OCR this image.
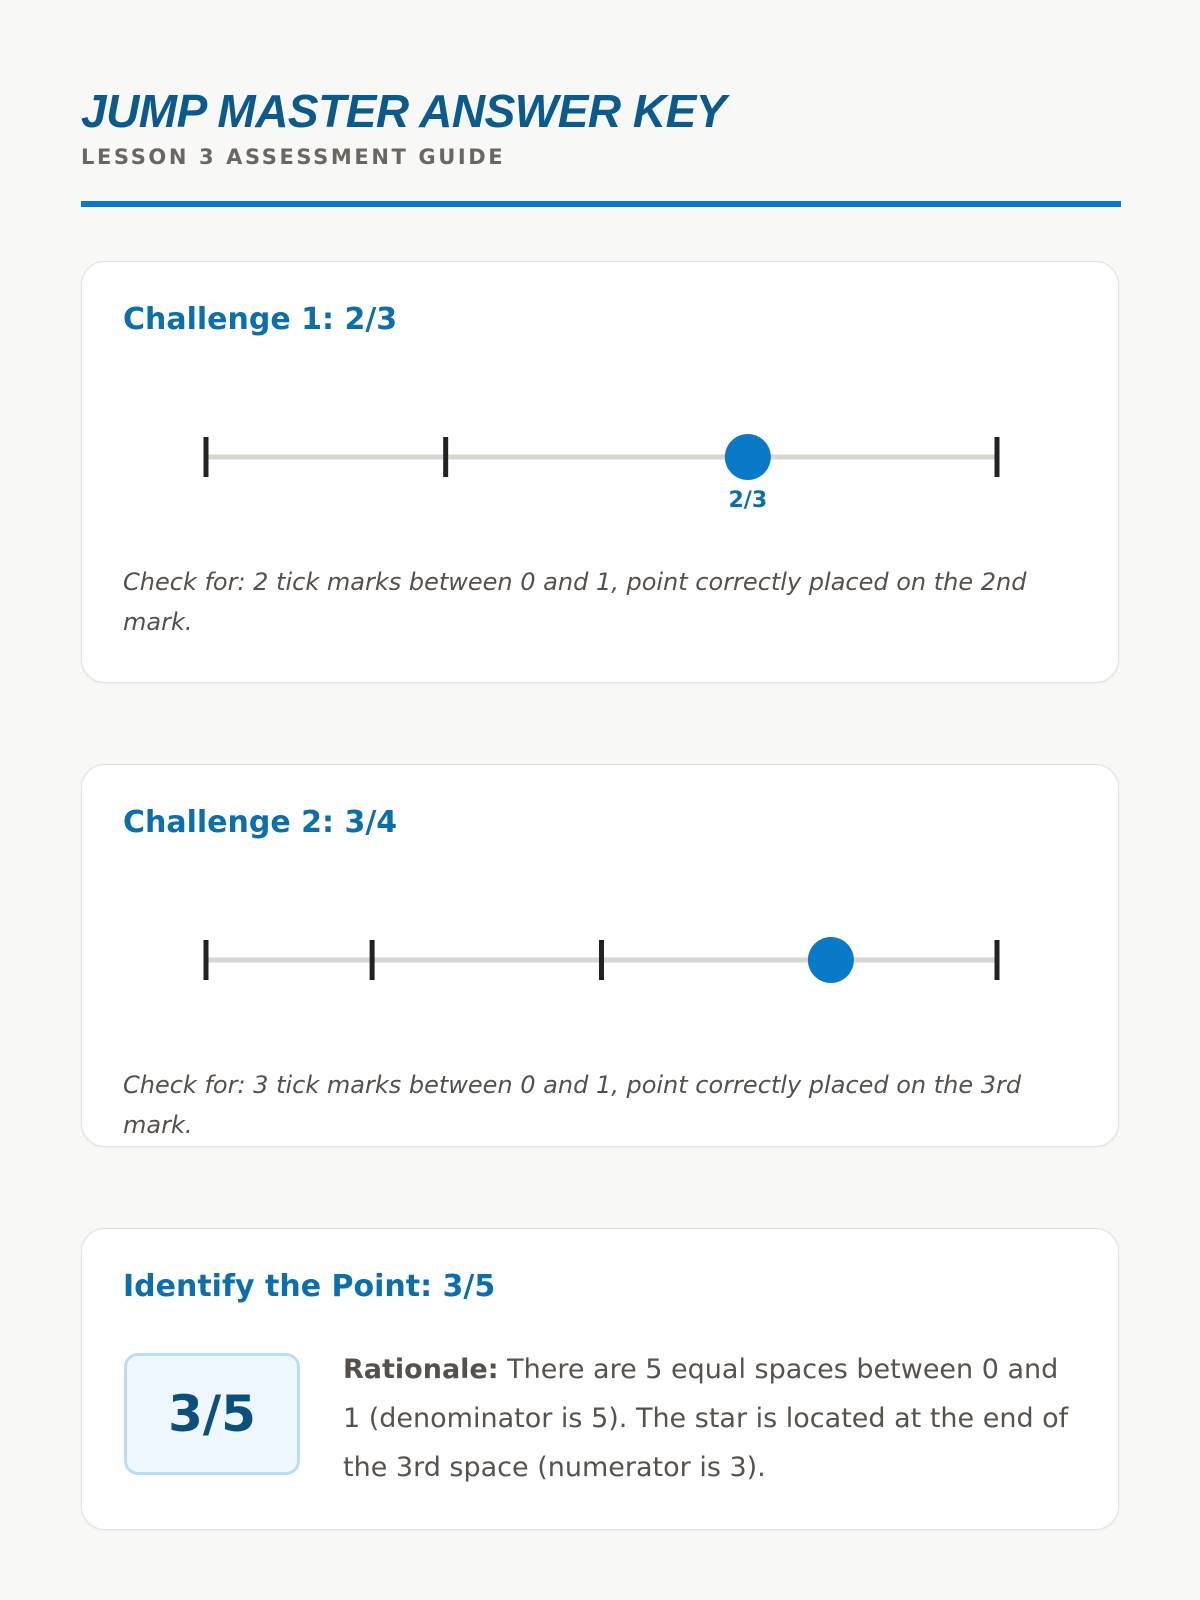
JUMP MASTER ANSWER KEY
LESSON 3 ASSESSMENT GUIDE
Challenge 1: 2/3
2/3
Check for: 2 tick marks between 0 and 1, point correctly placed on the 2nd mark.
Challenge 2: 3/4
Check for: 3 tick marks between 0 and 1, point correctly placed on the 3rd mark.
Identify the Point: 3/5
3/5
Rationale: There are 5 equal spaces between 0 and 1 (denominator is 5). The star is located at the end of the 3rd space (numerator is 3).
